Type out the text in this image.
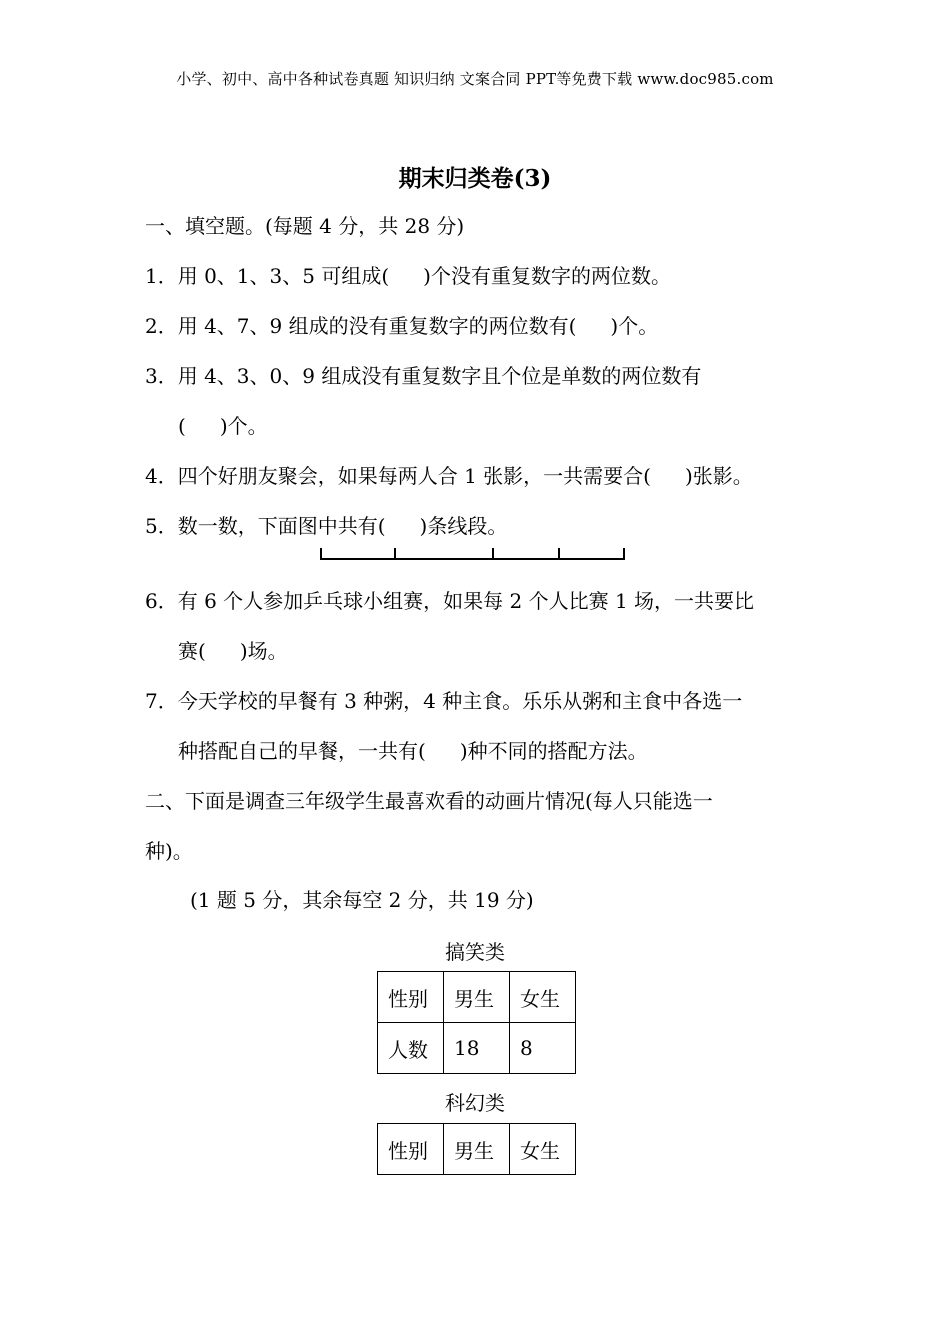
小学、初中、高中各种试卷真题 知识归纳 文案合同 PPT等免费下载 www.doc985.com
期末归类卷(3)
一、填空题。(每题 4 分，共 28 分)
1．用 0、1、3、5 可组成( )个没有重复数字的两位数。
2．用 4、7、9 组成的没有重复数字的两位数有( )个。
3．用 4、3、0、9 组成没有重复数字且个位是单数的两位数有
( )个。
4．四个好朋友聚会，如果每两人合 1 张影，一共需要合( )张影。
5．数一数，下面图中共有( )条线段。
6．有 6 个人参加乒乓球小组赛，如果每 2 个人比赛 1 场，一共要比
赛( )场。
7．今天学校的早餐有 3 种粥，4 种主食。乐乐从粥和主食中各选一
种搭配自己的早餐，一共有( )种不同的搭配方法。
二、下面是调查三年级学生最喜欢看的动画片情况(每人只能选一
种)。
(1 题 5 分，其余每空 2 分，共 19 分)
搞笑类
性别	男生	女生
人数	18	8
科幻类
性别	男生	女生
